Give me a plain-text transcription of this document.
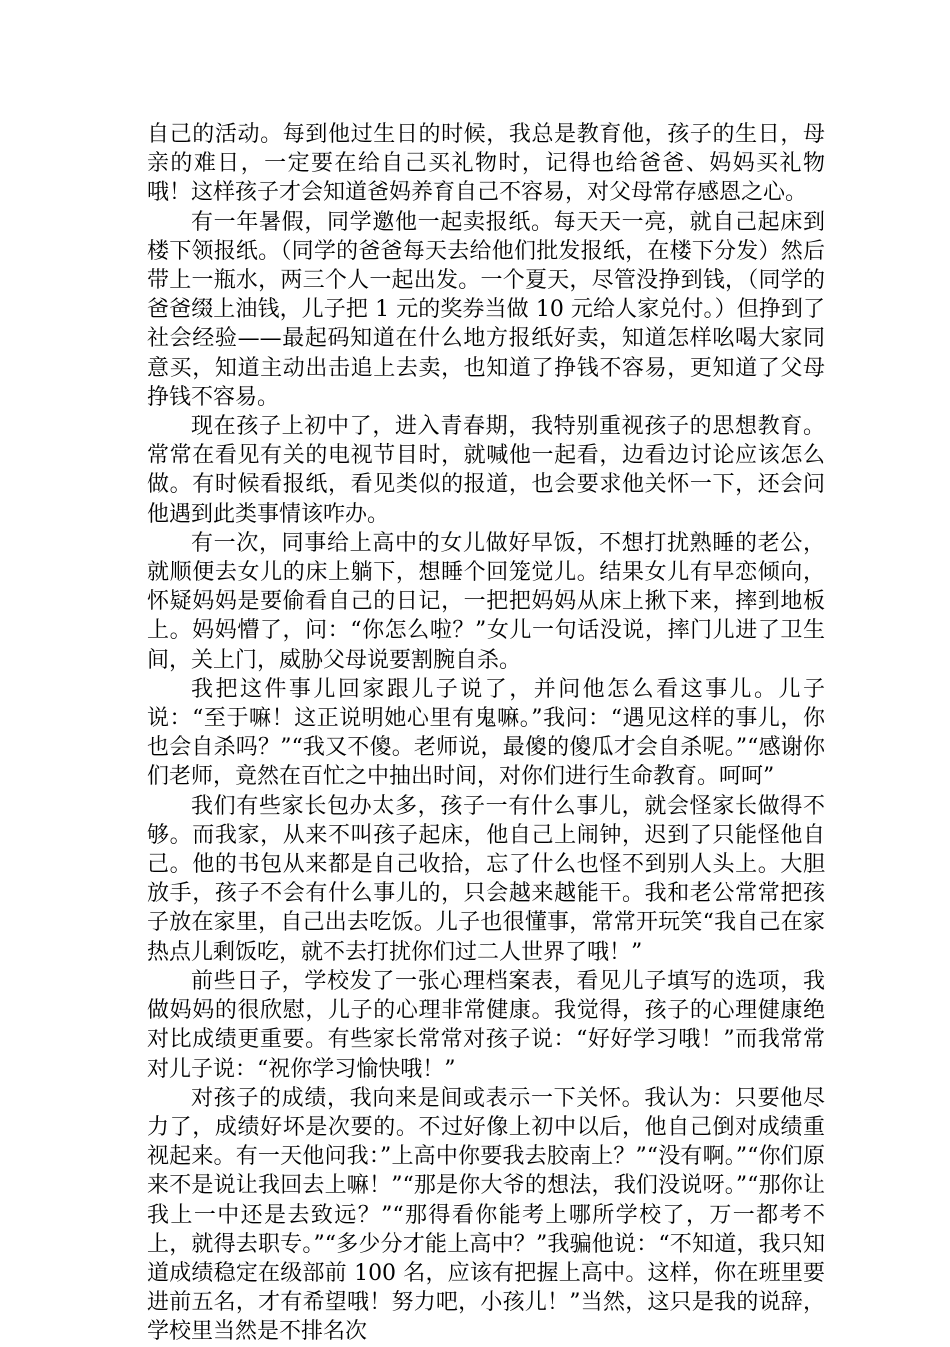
自己的活动。每到他过生日的时候，我总是教育他，孩子的生日，母亲的难日，一定要在给自己买礼物时，记得也给爸爸、妈妈买礼物哦！这样孩子才会知道爸妈养育自己不容易，对父母常存感恩之心。

有一年暑假，同学邀他一起卖报纸。每天天一亮，就自己起床到楼下领报纸。（同学的爸爸每天去给他们批发报纸，在楼下分发）然后带上一瓶水，两三个人一起出发。一个夏天，尽管没挣到钱，（同学的爸爸缀上油钱，儿子把 1 元的奖券当做 10 元给人家兑付。）但挣到了社会经验——最起码知道在什么地方报纸好卖，知道怎样吆喝大家同意买，知道主动出击追上去卖，也知道了挣钱不容易，更知道了父母挣钱不容易。

现在孩子上初中了，进入青春期，我特别重视孩子的思想教育。常常在看见有关的电视节目时，就喊他一起看，边看边讨论应该怎么做。有时候看报纸，看见类似的报道，也会要求他关怀一下，还会问他遇到此类事情该咋办。

有一次，同事给上高中的女儿做好早饭，不想打扰熟睡的老公，就顺便去女儿的床上躺下，想睡个回笼觉儿。结果女儿有早恋倾向，怀疑妈妈是要偷看自己的日记，一把把妈妈从床上揪下来，摔到地板上。妈妈懵了，问：“你怎么啦？”女儿一句话没说，摔门儿进了卫生间，关上门，威胁父母说要割腕自杀。

我把这件事儿回家跟儿子说了，并问他怎么看这事儿。儿子说：“至于嘛！这正说明她心里有鬼嘛。”我问：“遇见这样的事儿，你也会自杀吗？”“我又不傻。老师说，最傻的傻瓜才会自杀呢。”“感谢你们老师，竟然在百忙之中抽出时间，对你们进行生命教育。呵呵”

我们有些家长包办太多，孩子一有什么事儿，就会怪家长做得不够。而我家，从来不叫孩子起床，他自己上闹钟，迟到了只能怪他自己。他的书包从来都是自己收拾，忘了什么也怪不到别人头上。大胆放手，孩子不会有什么事儿的，只会越来越能干。我和老公常常把孩子放在家里，自己出去吃饭。儿子也很懂事，常常开玩笑“我自己在家热点儿剩饭吃，就不去打扰你们过二人世界了哦！”

前些日子，学校发了一张心理档案表，看见儿子填写的选项，我做妈妈的很欣慰，儿子的心理非常健康。我觉得，孩子的心理健康绝对比成绩更重要。有些家长常常对孩子说：“好好学习哦！”而我常常对儿子说：“祝你学习愉快哦！”

对孩子的成绩，我向来是间或表示一下关怀。我认为：只要他尽力了，成绩好坏是次要的。不过好像上初中以后，他自己倒对成绩重视起来。有一天他问我：”上高中你要我去胶南上？”“没有啊。”“你们原来不是说让我回去上嘛！”“那是你大爷的想法，我们没说呀。”“那你让我上一中还是去致远？”“那得看你能考上哪所学校了，万一都考不上，就得去职专。”“多少分才能上高中？”我骗他说：“不知道，我只知道成绩稳定在级部前 100 名，应该有把握上高中。这样，你在班里要进前五名，才有希望哦！努力吧，小孩儿！”当然，这只是我的说辞，学校里当然是不排名次
